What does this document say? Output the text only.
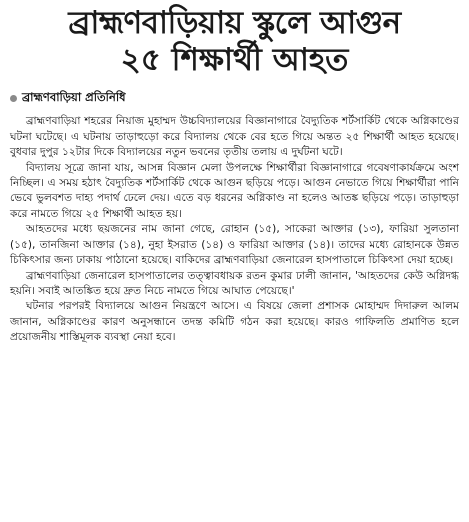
ব্রাহ্মণবাড়িয়ায় স্কুলে আগুন
২৫ শিক্ষার্থী আহত
ব্রাহ্মণবাড়িয়া প্রতিনিধি

ব্রাহ্মণবাড়িয়া শহরের নিয়াজ মুহাম্মদ উচ্চবিদ্যালয়ের বিজ্ঞানাগারে বৈদ্যুতিক শর্টসার্কিট থেকে অগ্নিকাণ্ডের ঘটনা ঘটেছে। এ ঘটনায় তাড়াহুড়ো করে বিদ্যালয় থেকে বের হতে গিয়ে অন্তত ২৫ শিক্ষার্থী আহত হয়েছে। বুধবার দুপুর ১২টার দিকে বিদ্যালয়ের নতুন ভবনের তৃতীয় তলায় এ দুর্ঘটনা ঘটে।

বিদ্যালয় সূত্রে জানা যায়, আসন্ন বিজ্ঞান মেলা উপলক্ষে শিক্ষার্থীরা বিজ্ঞানাগারে গবেষণাকার্যক্রমে অংশ নিচ্ছিল। এ সময় হঠাৎ বৈদ্যুতিক শর্টসার্কিট থেকে আগুন ছড়িয়ে পড়ে। আগুন নেভাতে গিয়ে শিক্ষার্থীরা পানি ভেবে ভুলবশত দাহ্য পদার্থ ঢেলে দেয়। এতে বড় ধরনের অগ্নিকাণ্ড না হলেও আতঙ্ক ছড়িয়ে পড়ে। তাড়াহুড়া করে নামতে গিয়ে ২৫ শিক্ষার্থী আহত হয়।

আহতদের মধ্যে ছয়জনের নাম জানা গেছে, রোহান (১৫), সাকেরা আক্তার (১৩), ফারিয়া সুলতানা (১৫), তানজিনা আক্তার (১৪), নুহা ইসরাত (১৪) ও ফারিয়া আক্তার (১৪)। তাদের মধ্যে রোহানকে উন্নত চিকিৎসার জন্য ঢাকায় পাঠানো হয়েছে। বাকিদের ব্রাহ্মণবাড়িয়া জেনারেল হাসপাতালে চিকিৎসা দেয়া হচ্ছে।

ব্রাহ্মণবাড়িয়া জেনারেল হাসপাতালের তত্ত্বাবধায়ক রতন কুমার ঢালী জানান, 'আহতদের কেউ অগ্নিদগ্ধ হয়নি। সবাই আতঙ্কিত হয়ে দ্রুত নিচে নামতে গিয়ে আঘাত পেয়েছে।'

ঘটনার পরপরই বিদ্যালয়ে আগুন নিয়ন্ত্রণে আসে। এ বিষয়ে জেলা প্রশাসক মোহাম্মদ দিদারুল আলম জানান, অগ্নিকাণ্ডের কারণ অনুসন্ধানে তদন্ত কমিটি গঠন করা হয়েছে। কারও গাফিলতি প্রমাণিত হলে প্রয়োজনীয় শাস্তিমূলক ব্যবস্থা নেয়া হবে।
